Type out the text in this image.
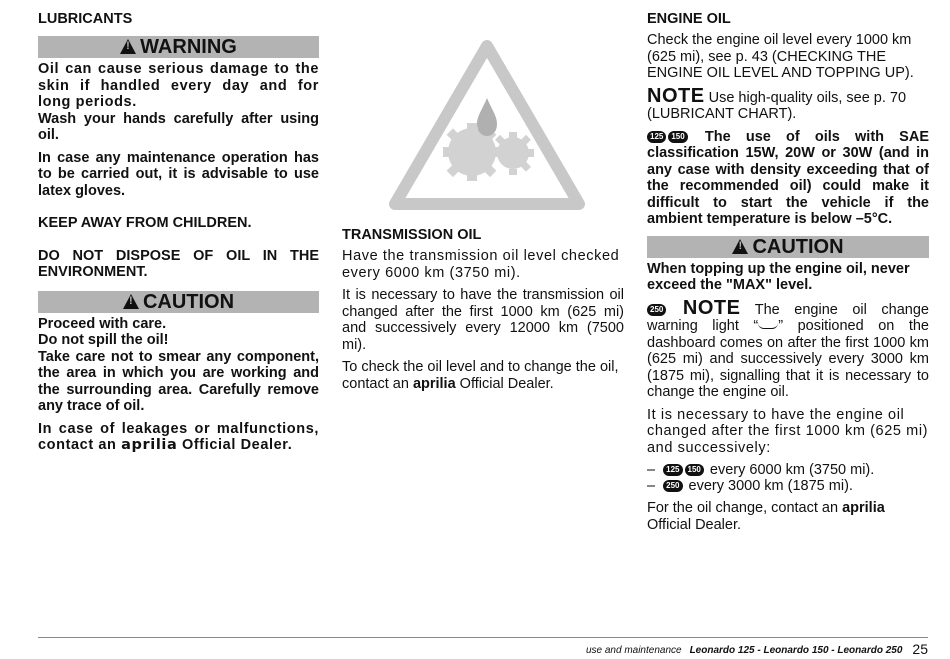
LUBRICANTS
!WARNING

Oil can cause serious damage to the skin if handled every day and for long periods.

Wash your hands carefully after using oil.

In case any maintenance operation has to be carried out, it is advisable to use latex gloves.

KEEP AWAY FROM CHILDREN.

DO NOT DISPOSE OF OIL IN THE ENVIRONMENT.

!CAUTION

Proceed with care.

Do not spill the oil!

Take care not to smear any component, the area in which you are working and the surrounding area. Carefully remove any trace of oil.

In case of leakages or malfunctions, contact an aprilia Official Dealer.

TRANSMISSION OIL

Have the transmission oil level checked every 6000 km (3750 mi).

It is necessary to have the transmission oil changed after the first 1000 km (625 mi) and successively every 12000 km (7500 mi).

To check the oil level and to change the oil, contact an aprilia Official Dealer.

ENGINE OIL

Check the engine oil level every 1000 km (625 mi), see p. 43 (CHECKING THE ENGINE OIL LEVEL AND TOPPING UP).

NOTE Use high-quality oils, see p. 70 (LUBRICANT CHART).

125 150 The use of oils with SAE classification 15W, 20W or 30W (and in any case with density exceeding that of the recommended oil) could make it difficult to start the vehicle if the ambient temperature is below –5°C.

!CAUTION

When topping up the engine oil, never exceed the "MAX" level.

250 NOTE The engine oil change warning light “ ” positioned on the dashboard comes on after the first 1000 km (625 mi) and successively every 3000 km (1875 mi), signalling that it is necessary to change the engine oil.

It is necessary to have the engine oil changed after the first 1000 km (625 mi) and successively:

– 125 150 every 6000 km (3750 mi).
– 250 every 3000 km (1875 mi).

For the oil change, contact an aprilia Official Dealer.

use and maintenance Leonardo 125 - Leonardo 150 - Leonardo 250 25
